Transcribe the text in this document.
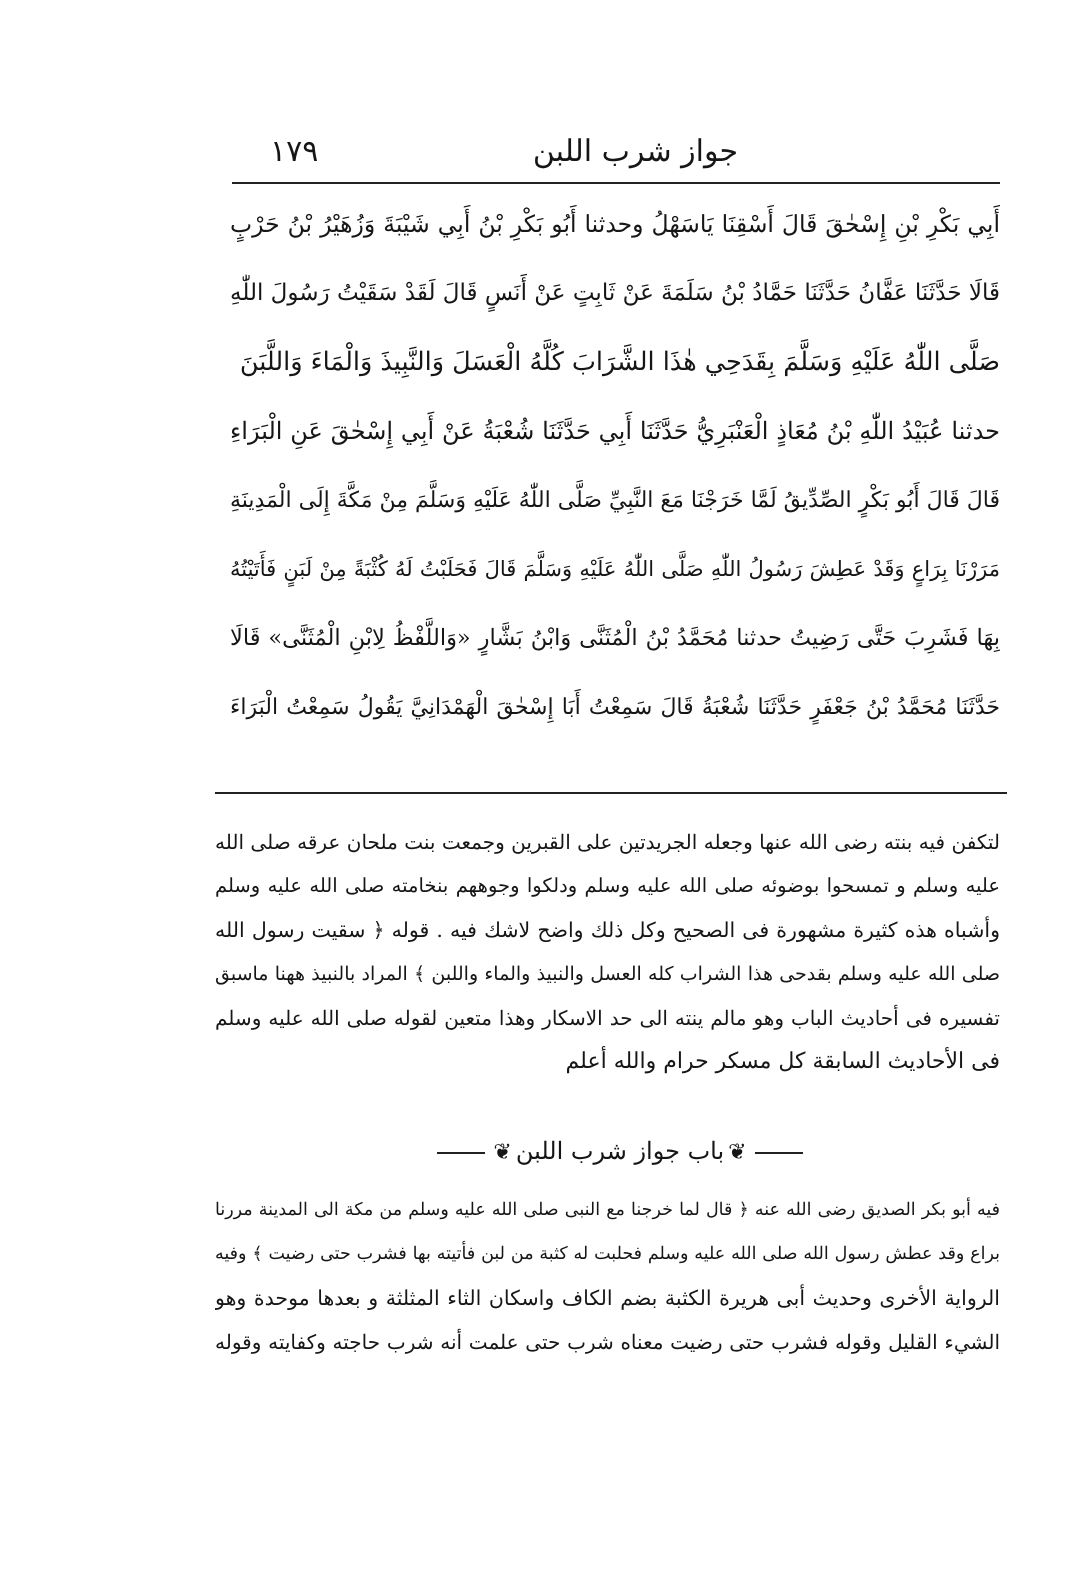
جواز شرب اللبن
١٧٩
أَبِي بَكْرِ بْنِ إِسْحٰقَ قَالَ أَسْقِنَا يَاسَهْلُ وحدثنا أَبُو بَكْرِ بْنُ أَبِي شَيْبَةَ وَزُهَيْرُ بْنُ حَرْبٍ
قَالَا حَدَّثَنَا عَفَّانُ حَدَّثَنَا حَمَّادُ بْنُ سَلَمَةَ عَنْ ثَابِتٍ عَنْ أَنَسٍ قَالَ لَقَدْ سَقَيْتُ رَسُولَ اللّٰهِ
صَلَّى اللّٰهُ عَلَيْهِ وَسَلَّمَ بِقَدَحِي هٰذَا الشَّرَابَ كُلَّهُ الْعَسَلَ وَالنَّبِيذَ وَالْمَاءَ وَاللَّبَنَ
حدثنا عُبَيْدُ اللّٰهِ بْنُ مُعَاذٍ الْعَنْبَرِيُّ حَدَّثَنَا أَبِي حَدَّثَنَا شُعْبَةُ عَنْ أَبِي إِسْحٰقَ عَنِ الْبَرَاءِ
قَالَ قَالَ أَبُو بَكْرٍ الصِّدِّيقُ لَمَّا خَرَجْنَا مَعَ النَّبِيِّ صَلَّى اللّٰهُ عَلَيْهِ وَسَلَّمَ مِنْ مَكَّةَ إِلَى الْمَدِينَةِ
مَرَرْنَا بِرَاعٍ وَقَدْ عَطِشَ رَسُولُ اللّٰهِ صَلَّى اللّٰهُ عَلَيْهِ وَسَلَّمَ قَالَ فَحَلَبْتُ لَهُ كُثْبَةً مِنْ لَبَنٍ فَأَتَيْتُهُ
بِهَا فَشَرِبَ حَتَّى رَضِيتُ حدثنا مُحَمَّدُ بْنُ الْمُثَنَّى وَابْنُ بَشَّارٍ «وَاللَّفْظُ لِابْنِ الْمُثَنَّى» قَالَا
حَدَّثَنَا مُحَمَّدُ بْنُ جَعْفَرٍ حَدَّثَنَا شُعْبَةُ قَالَ سَمِعْتُ أَبَا إِسْحٰقَ الْهَمْدَانِيَّ يَقُولُ سَمِعْتُ الْبَرَاءَ
لتكفن فيه بنته رضى الله عنها وجعله الجريدتين على القبرين وجمعت بنت ملحان عرقه صلى الله
عليه وسلم و تمسحوا بوضوئه صلى الله عليه وسلم ودلكوا وجوههم بنخامته صلى الله عليه وسلم
وأشباه هذه كثيرة مشهورة فى الصحيح وكل ذلك واضح لاشك فيه . قوله ﴿ سقيت رسول الله
صلى الله عليه وسلم بقدحى هذا الشراب كله العسل والنبيذ والماء واللبن ﴾ المراد بالنبيذ ههنا ماسبق
تفسيره فى أحاديث الباب وهو مالم ينته الى حد الاسكار وهذا متعين لقوله صلى الله عليه وسلم
فى الأحاديث السابقة كل مسكر حرام والله أعلم
❦باب جواز شرب اللبن❦
فيه أبو بكر الصديق رضى الله عنه ﴿ قال لما خرجنا مع النبى صلى الله عليه وسلم من مكة الى المدينة مررنا
براع وقد عطش رسول الله صلى الله عليه وسلم فحلبت له كثبة من لبن فأتيته بها فشرب حتى رضيت ﴾ وفيه
الرواية الأخرى وحديث أبى هريرة الكثبة بضم الكاف واسكان الثاء المثلثة و بعدها موحدة وهو
الشيء القليل وقوله فشرب حتى رضيت معناه شرب حتى علمت أنه شرب حاجته وكفايته وقوله
